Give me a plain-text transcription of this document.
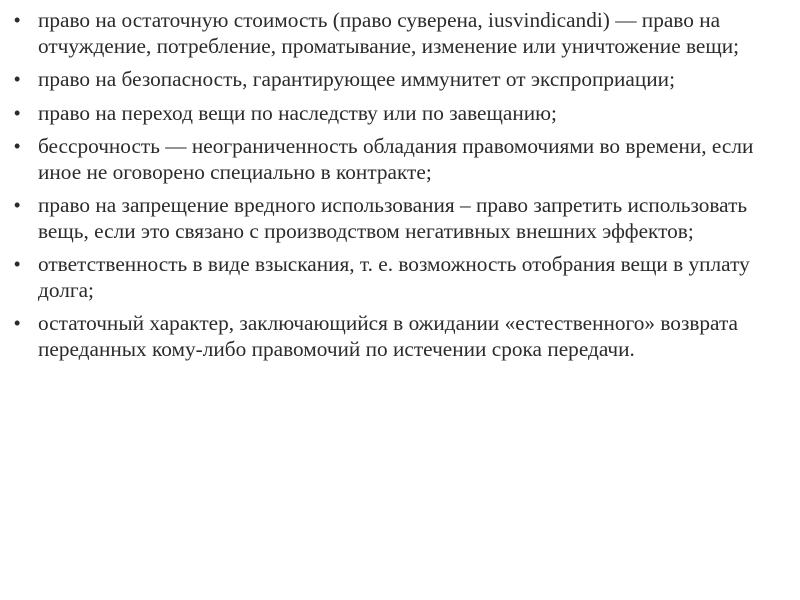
• право на остаточную стоимость (право суверена, iusvindicandi) — право на отчуждение, потребление, проматывание, изменение или уничтожение вещи;
• право на безопасность, гарантирующее иммунитет от экспроприации;
• право на переход вещи по наследству или по завещанию;
• бессрочность — неограниченность обладания правомочиями во времени, если иное не оговорено специально в контракте;
• право на запрещение вредного использования – право запретить использовать вещь, если это связано с производством негативных внешних эффектов;
• ответственность в виде взыскания, т. е. возможность отобрания вещи в уплату долга;
• остаточный характер, заключающийся в ожидании «естественного» возврата переданных кому-либо правомочий по истечении срока передачи.
